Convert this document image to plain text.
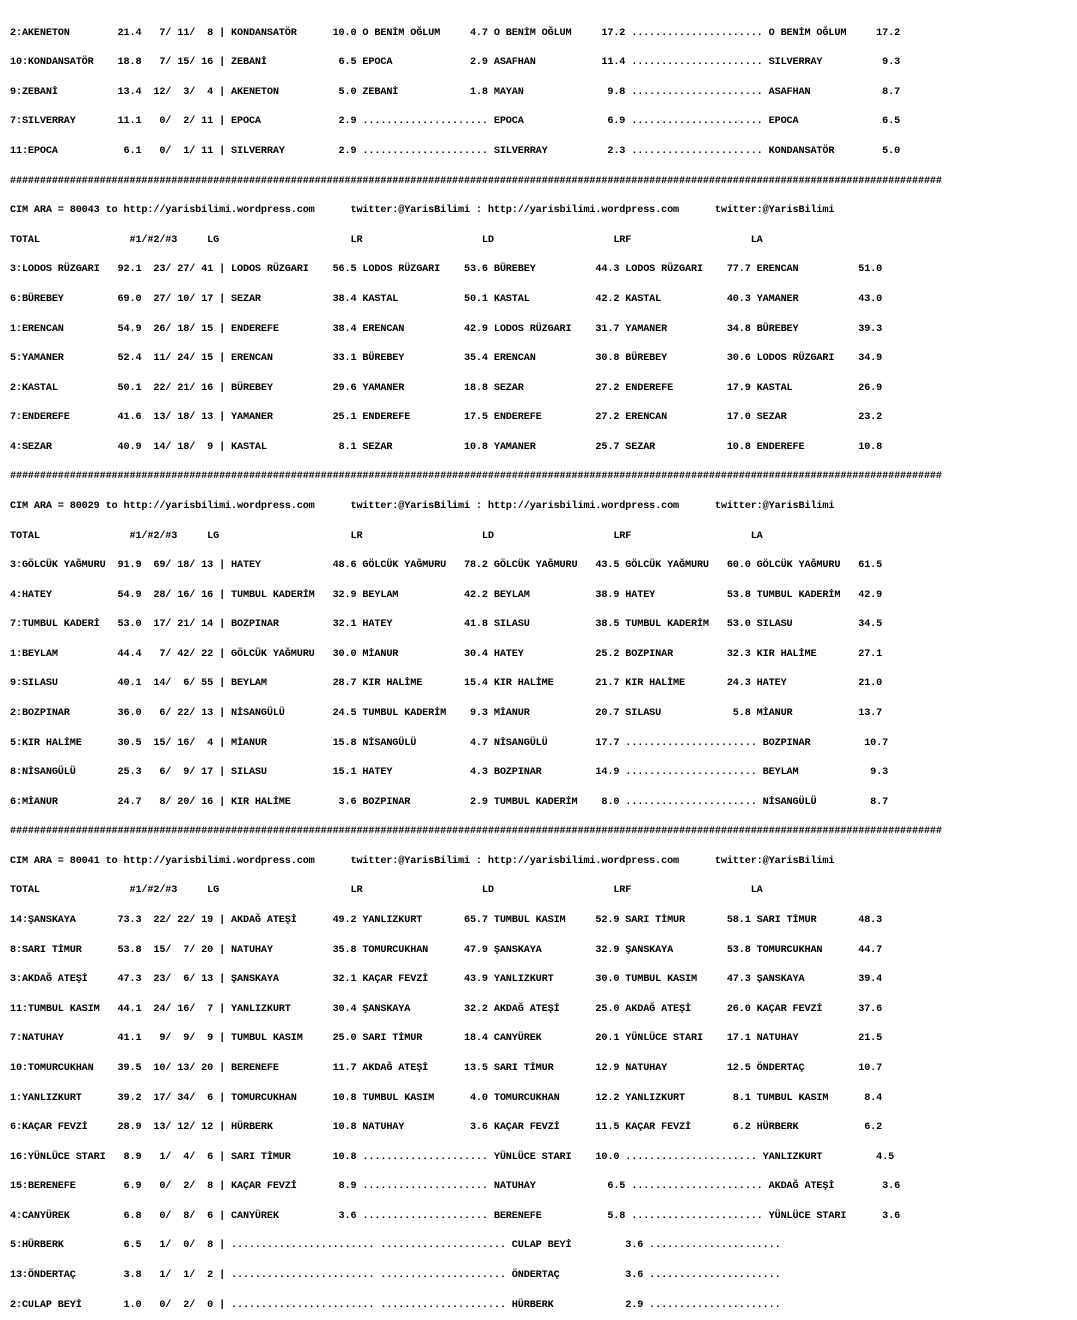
2:AKENETON        21.4   7/ 11/  8 | KONDANSATÖR      10.0 O BENİM OĞLUM     4.7 O BENİM OĞLUM     17.2 ...................... O BENİM OĞLUM     17.2

10:KONDANSATÖR    18.8   7/ 15/ 16 | ZEBANİ            6.5 EPOCA             2.9 ASAFHAN           11.4 ...................... SILVERRAY          9.3

9:ZEBANİ          13.4  12/  3/  4 | AKENETON          5.0 ZEBANİ            1.8 MAYAN              9.8 ...................... ASAFHAN            8.7

7:SILVERRAY       11.1   0/  2/ 11 | EPOCA             2.9 ..................... EPOCA              6.9 ...................... EPOCA              6.5

11:EPOCA           6.1   0/  1/ 11 | SILVERRAY         2.9 ..................... SILVERRAY          2.3 ...................... KONDANSATÖR        5.0

############################################################################################################################################################

CIM ARA = 80043 to http://yarisbilimi.wordpress.com      twitter:@YarisBilimi : http://yarisbilimi.wordpress.com      twitter:@YarisBilimi

TOTAL               #1/#2/#3     LG                      LR                    LD                    LRF                    LA

3:LODOS RÜZGARI   92.1  23/ 27/ 41 | LODOS RÜZGARI    56.5 LODOS RÜZGARI    53.6 BÜREBEY          44.3 LODOS RÜZGARI    77.7 ERENCAN          51.0

6:BÜREBEY         69.0  27/ 10/ 17 | SEZAR            38.4 KASTAL           50.1 KASTAL           42.2 KASTAL           40.3 YAMANER          43.0

1:ERENCAN         54.9  26/ 18/ 15 | ENDEREFE         38.4 ERENCAN          42.9 LODOS RÜZGARI    31.7 YAMANER          34.8 BÜREBEY          39.3

5:YAMANER         52.4  11/ 24/ 15 | ERENCAN          33.1 BÜREBEY          35.4 ERENCAN          30.8 BÜREBEY          30.6 LODOS RÜZGARI    34.9

2:KASTAL          50.1  22/ 21/ 16 | BÜREBEY          29.6 YAMANER          18.8 SEZAR            27.2 ENDEREFE         17.9 KASTAL           26.9

7:ENDEREFE        41.6  13/ 18/ 13 | YAMANER          25.1 ENDEREFE         17.5 ENDEREFE         27.2 ERENCAN          17.0 SEZAR            23.2

4:SEZAR           40.9  14/ 18/  9 | KASTAL            8.1 SEZAR            10.8 YAMANER          25.7 SEZAR            10.8 ENDEREFE         10.8

############################################################################################################################################################

CIM ARA = 80029 to http://yarisbilimi.wordpress.com      twitter:@YarisBilimi : http://yarisbilimi.wordpress.com      twitter:@YarisBilimi

TOTAL               #1/#2/#3     LG                      LR                    LD                    LRF                    LA

3:GÖLCÜK YAĞMURU  91.9  69/ 18/ 13 | HATEY            48.6 GÖLCÜK YAĞMURU   78.2 GÖLCÜK YAĞMURU   43.5 GÖLCÜK YAĞMURU   60.0 GÖLCÜK YAĞMURU   61.5

4:HATEY           54.9  28/ 16/ 16 | TUMBUL KADERİM   32.9 BEYLAM           42.2 BEYLAM           38.9 HATEY            53.8 TUMBUL KADERİM   42.9

7:TUMBUL KADERİ   53.0  17/ 21/ 14 | BOZPINAR         32.1 HATEY            41.8 SILASU           38.5 TUMBUL KADERİM   53.0 SILASU           34.5

1:BEYLAM          44.4   7/ 42/ 22 | GÖLCÜK YAĞMURU   30.0 MİANUR           30.4 HATEY            25.2 BOZPINAR         32.3 KIR HALİME       27.1

9:SILASU          40.1  14/  6/ 55 | BEYLAM           28.7 KIR HALİME       15.4 KIR HALİME       21.7 KIR HALİME       24.3 HATEY            21.0

2:BOZPINAR        36.0   6/ 22/ 13 | NİSANGÜLÜ        24.5 TUMBUL KADERİM    9.3 MİANUR           20.7 SILASU            5.8 MİANUR           13.7

5:KIR HALİME      30.5  15/ 16/  4 | MİANUR           15.8 NİSANGÜLÜ         4.7 NİSANGÜLÜ        17.7 ...................... BOZPINAR         10.7

8:NİSANGÜLÜ       25.3   6/  9/ 17 | SILASU           15.1 HATEY             4.3 BOZPINAR         14.9 ...................... BEYLAM            9.3

6:MİANUR          24.7   8/ 20/ 16 | KIR HALİME        3.6 BOZPINAR          2.9 TUMBUL KADERİM    8.0 ...................... NİSANGÜLÜ         8.7

############################################################################################################################################################

CIM ARA = 80041 to http://yarisbilimi.wordpress.com      twitter:@YarisBilimi : http://yarisbilimi.wordpress.com      twitter:@YarisBilimi

TOTAL               #1/#2/#3     LG                      LR                    LD                    LRF                    LA

14:ŞANSKAYA       73.3  22/ 22/ 19 | AKDAĞ ATEŞİ      49.2 YANLIZKURT       65.7 TUMBUL KASIM     52.9 SARI TİMUR       58.1 SARI TİMUR       48.3

8:SARI TİMUR      53.8  15/  7/ 20 | NATUHAY          35.8 TOMURCUKHAN      47.9 ŞANSKAYA         32.9 ŞANSKAYA         53.8 TOMURCUKHAN      44.7

3:AKDAĞ ATEŞİ     47.3  23/  6/ 13 | ŞANSKAYA         32.1 KAÇAR FEVZİ      43.9 YANLIZKURT       30.0 TUMBUL KASIM     47.3 ŞANSKAYA         39.4

11:TUMBUL KASIM   44.1  24/ 16/  7 | YANLIZKURT       30.4 ŞANSKAYA         32.2 AKDAĞ ATEŞİ      25.0 AKDAĞ ATEŞİ      26.0 KAÇAR FEVZİ      37.6

7:NATUHAY         41.1   9/  9/  9 | TUMBUL KASIM     25.0 SARI TİMUR       18.4 CANYÜREK         20.1 YÜNLÜCE STARI    17.1 NATUHAY          21.5

10:TOMURCUKHAN    39.5  10/ 13/ 20 | BERENEFE         11.7 AKDAĞ ATEŞİ      13.5 SARI TİMUR       12.9 NATUHAY          12.5 ÖNDERTAÇ         10.7

1:YANLIZKURT      39.2  17/ 34/  6 | TOMURCUKHAN      10.8 TUMBUL KASIM      4.0 TOMURCUKHAN      12.2 YANLIZKURT        8.1 TUMBUL KASIM      8.4

6:KAÇAR FEVZİ     28.9  13/ 12/ 12 | HÜRBERK          10.8 NATUHAY           3.6 KAÇAR FEVZİ      11.5 KAÇAR FEVZİ       6.2 HÜRBERK           6.2

16:YÜNLÜCE STARI   8.9   1/  4/  6 | SARI TİMUR       10.8 ..................... YÜNLÜCE STARI    10.0 ...................... YANLIZKURT         4.5

15:BERENEFE        6.9   0/  2/  8 | KAÇAR FEVZİ       8.9 ..................... NATUHAY            6.5 ...................... AKDAĞ ATEŞİ        3.6

4:CANYÜREK         6.8   0/  8/  6 | CANYÜREK          3.6 ..................... BERENEFE           5.8 ...................... YÜNLÜCE STARI      3.6

5:HÜRBERK          6.5   1/  0/  8 | ........................ ..................... CULAP BEYİ         3.6 ......................

13:ÖNDERTAÇ        3.8   1/  1/  2 | ........................ ..................... ÖNDERTAÇ           3.6 ......................

2:CULAP BEYİ       1.0   0/  2/  0 | ........................ ..................... HÜRBERK            2.9 ......................
